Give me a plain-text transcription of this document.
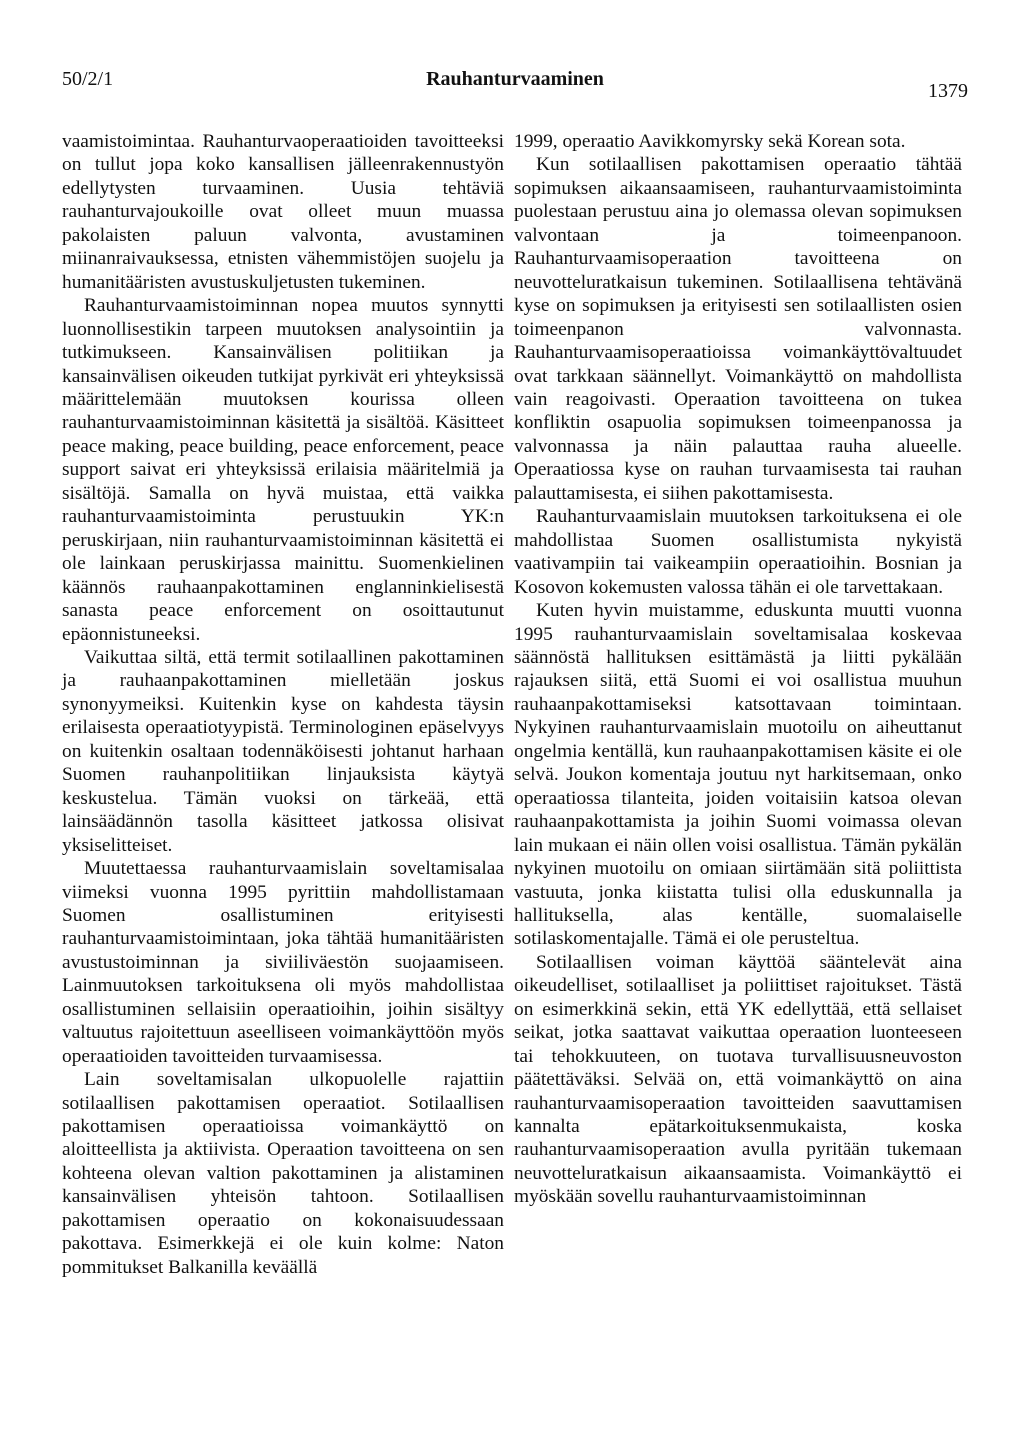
50/2/1	Rauhanturvaaminen
1379

vaamistoimintaa. Rauhanturvaoperaatioiden tavoitteeksi on tullut jopa koko kansallisen jälleenrakennustyön edellytysten turvaaminen. Uusia tehtäviä rauhanturvajoukoille ovat olleet muun muassa pakolaisten paluun valvonta, avustaminen miinanraivauksessa, etnisten vähemmistöjen suojelu ja humanitääristen avustuskuljetusten tukeminen.

Rauhanturvaamistoiminnan nopea muutos synnytti luonnollisestikin tarpeen muutoksen analysointiin ja tutkimukseen. Kansainvälisen politiikan ja kansainvälisen oikeuden tutkijat pyrkivät eri yhteyksissä määrittelemään muutoksen kourissa olleen rauhanturvaamistoiminnan käsitettä ja sisältöä. Käsitteet peace making, peace building, peace enforcement, peace support saivat eri yhteyksissä erilaisia määritelmiä ja sisältöjä. Samalla on hyvä muistaa, että vaikka rauhanturvaamistoiminta perustuukin YK:n peruskirjaan, niin rauhanturvaamistoiminnan käsitettä ei ole lainkaan peruskirjassa mainittu. Suomenkielinen käännös rauhaanpakottaminen englanninkielisestä sanasta peace enforcement on osoittautunut epäonnistuneeksi.

Vaikuttaa siltä, että termit sotilaallinen pakottaminen ja rauhaanpakottaminen mielletään joskus synonyymeiksi. Kuitenkin kyse on kahdesta täysin erilaisesta operaatiotyypistä. Terminologinen epäselvyys on kuitenkin osaltaan todennäköisesti johtanut harhaan Suomen rauhanpolitiikan linjauksista käytyä keskustelua. Tämän vuoksi on tärkeää, että lainsäädännön tasolla käsitteet jatkossa olisivat yksiselitteiset.

Muutettaessa rauhanturvaamislain soveltamisalaa viimeksi vuonna 1995 pyrittiin mahdollistamaan Suomen osallistuminen erityisesti rauhanturvaamistoimintaan, joka tähtää humanitääristen avustustoiminnan ja siviiliväestön suojaamiseen. Lainmuutoksen tarkoituksena oli myös mahdollistaa osallistuminen sellaisiin operaatioihin, joihin sisältyy valtuutus rajoitettuun aseelliseen voimankäyttöön myös operaatioiden tavoitteiden turvaamisessa.

Lain soveltamisalan ulkopuolelle rajattiin sotilaallisen pakottamisen operaatiot. Sotilaallisen pakottamisen operaatioissa voimankäyttö on aloitteellista ja aktiivista. Operaation tavoitteena on sen kohteena olevan valtion pakottaminen ja alistaminen kansainvälisen yhteisön tahtoon. Sotilaallisen pakottamisen operaatio on kokonaisuudessaan pakottava. Esimerkkejä ei ole kuin kolme: Naton pommitukset Balkanilla keväällä

1999, operaatio Aavikkomyrsky sekä Korean sota.

Kun sotilaallisen pakottamisen operaatio tähtää sopimuksen aikaansaamiseen, rauhanturvaamistoiminta puolestaan perustuu aina jo olemassa olevan sopimuksen valvontaan ja toimeenpanoon. Rauhanturvaamisoperaation tavoitteena on neuvotteluratkaisun tukeminen. Sotilaallisena tehtävänä kyse on sopimuksen ja erityisesti sen sotilaallisten osien toimeenpanon valvonnasta. Rauhanturvaamisoperaatioissa voimankäyttövaltuudet ovat tarkkaan säännellyt. Voimankäyttö on mahdollista vain reagoivasti. Operaation tavoitteena on tukea konfliktin osapuolia sopimuksen toimeenpanossa ja valvonnassa ja näin palauttaa rauha alueelle. Operaatiossa kyse on rauhan turvaamisesta tai rauhan palauttamisesta, ei siihen pakottamisesta.

Rauhanturvaamislain muutoksen tarkoituksena ei ole mahdollistaa Suomen osallistumista nykyistä vaativampiin tai vaikeampiin operaatioihin. Bosnian ja Kosovon kokemusten valossa tähän ei ole tarvettakaan.

Kuten hyvin muistamme, eduskunta muutti vuonna 1995 rauhanturvaamislain soveltamisalaa koskevaa säännöstä hallituksen esittämästä ja liitti pykälään rajauksen siitä, että Suomi ei voi osallistua muuhun rauhaanpakottamiseksi katsottavaan toimintaan. Nykyinen rauhanturvaamislain muotoilu on aiheuttanut ongelmia kentällä, kun rauhaanpakottamisen käsite ei ole selvä. Joukon komentaja joutuu nyt harkitsemaan, onko operaatiossa tilanteita, joiden voitaisiin katsoa olevan rauhaanpakottamista ja joihin Suomi voimassa olevan lain mukaan ei näin ollen voisi osallistua. Tämän pykälän nykyinen muotoilu on omiaan siirtämään sitä poliittista vastuuta, jonka kiistatta tulisi olla eduskunnalla ja hallituksella, alas kentälle, suomalaiselle sotilaskomentajalle. Tämä ei ole perusteltua.

Sotilaallisen voiman käyttöä sääntelevät aina oikeudelliset, sotilaalliset ja poliittiset rajoitukset. Tästä on esimerkkinä sekin, että YK edellyttää, että sellaiset seikat, jotka saattavat vaikuttaa operaation luonteeseen tai tehokkuuteen, on tuotava turvallisuusneuvoston päätettäväksi. Selvää on, että voimankäyttö on aina rauhanturvaamisoperaation tavoitteiden saavuttamisen kannalta epätarkoituksenmukaista, koska rauhanturvaamisoperaation avulla pyritään tukemaan neuvotteluratkaisun aikaansaamista. Voimankäyttö ei myöskään sovellu rauhanturvaamistoiminnan
